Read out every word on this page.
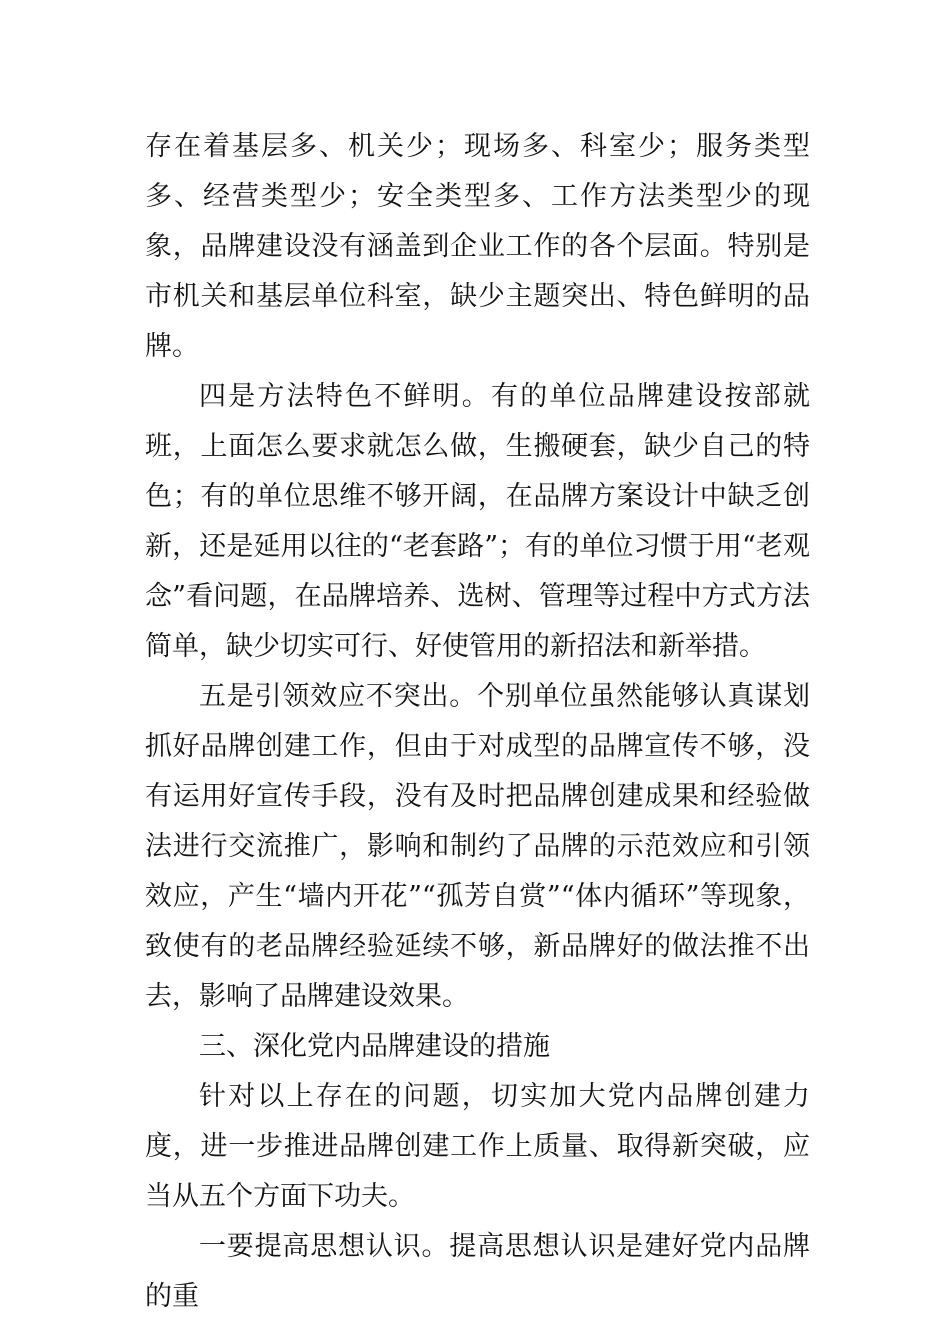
存在着基层多、机关少；现场多、科室少；服务类型多、经营类型少；安全类型多、工作方法类型少的现象，品牌建设没有涵盖到企业工作的各个层面。特别是市机关和基层单位科室，缺少主题突出、特色鲜明的品牌。

四是方法特色不鲜明。有的单位品牌建设按部就班，上面怎么要求就怎么做，生搬硬套，缺少自己的特色；有的单位思维不够开阔，在品牌方案设计中缺乏创新，还是延用以往的“老套路”；有的单位习惯于用“老观念”看问题，在品牌培养、选树、管理等过程中方式方法简单，缺少切实可行、好使管用的新招法和新举措。

五是引领效应不突出。个别单位虽然能够认真谋划抓好品牌创建工作，但由于对成型的品牌宣传不够，没有运用好宣传手段，没有及时把品牌创建成果和经验做法进行交流推广，影响和制约了品牌的示范效应和引领效应，产生“墙内开花”“孤芳自赏”“体内循环”等现象，致使有的老品牌经验延续不够，新品牌好的做法推不出去，影响了品牌建设效果。

三、深化党内品牌建设的措施

针对以上存在的问题，切实加大党内品牌创建力度，进一步推进品牌创建工作上质量、取得新突破，应当从五个方面下功夫。

一要提高思想认识。提高思想认识是建好党内品牌的重
